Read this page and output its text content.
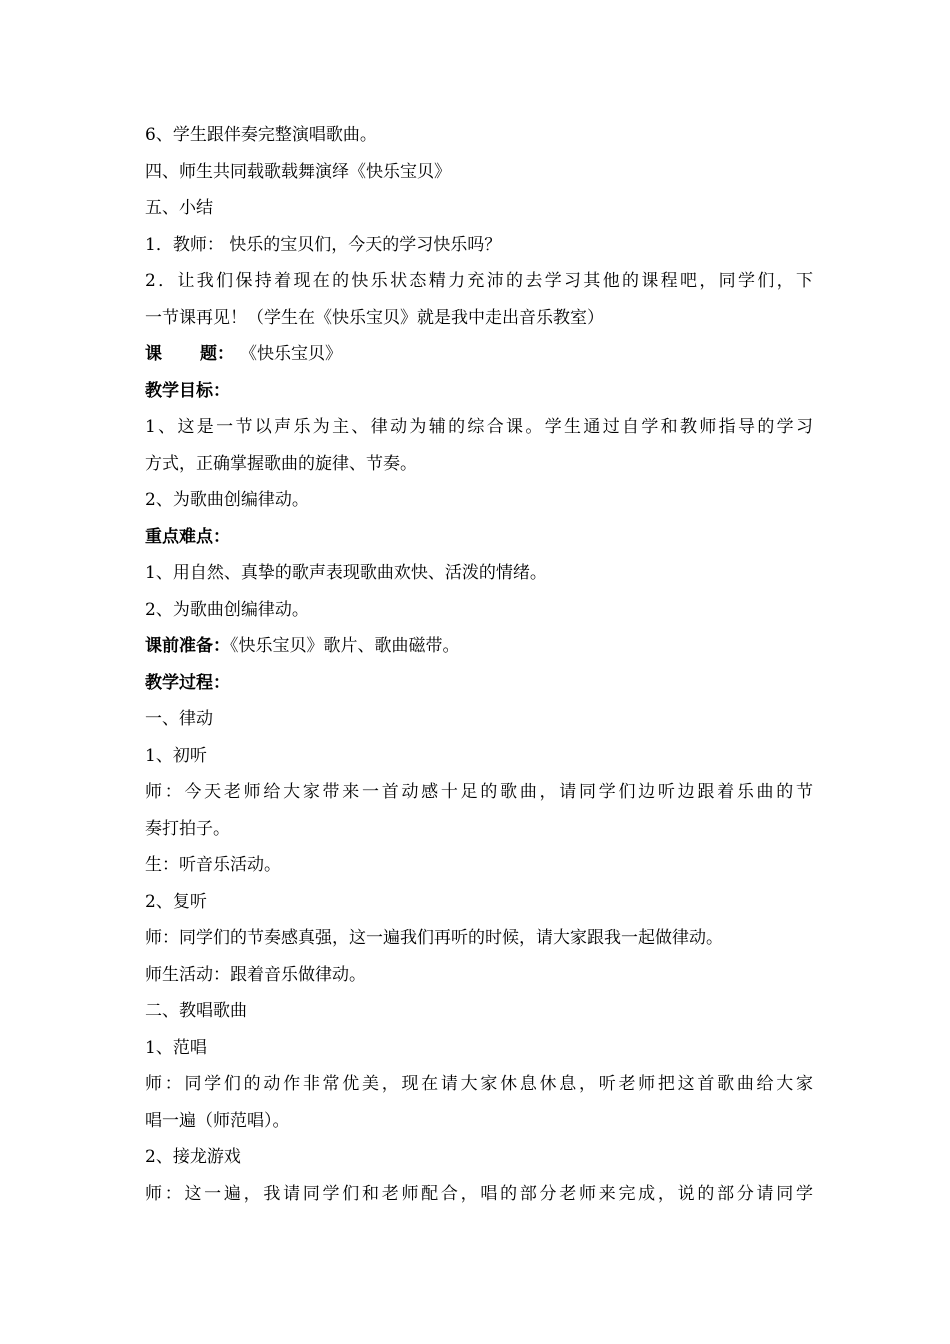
6、学生跟伴奏完整演唱歌曲。
四、师生共同载歌载舞演绎《快乐宝贝》
五、小结
1．教师： 快乐的宝贝们，今天的学习快乐吗？
2．让我们保持着现在的快乐状态精力充沛的去学习其他的课程吧，同学们，下
一节课再见！（学生在《快乐宝贝》就是我中走出音乐教室）
课 题： 《快乐宝贝》
教学目标：
1、这是一节以声乐为主、律动为辅的综合课。学生通过自学和教师指导的学习
方式，正确掌握歌曲的旋律、节奏。
2、为歌曲创编律动。
重点难点：
1、用自然、真挚的歌声表现歌曲欢快、活泼的情绪。
2、为歌曲创编律动。
课前准备：《快乐宝贝》歌片、歌曲磁带。
教学过程：
一、律动
1、初听
师：今天老师给大家带来一首动感十足的歌曲，请同学们边听边跟着乐曲的节
奏打拍子。
生：听音乐活动。
2、复听
师：同学们的节奏感真强，这一遍我们再听的时候，请大家跟我一起做律动。
师生活动：跟着音乐做律动。
二、教唱歌曲
1、范唱
师：同学们的动作非常优美，现在请大家休息休息，听老师把这首歌曲给大家
唱一遍（师范唱）。
2、接龙游戏
师：这一遍，我请同学们和老师配合，唱的部分老师来完成，说的部分请同学
